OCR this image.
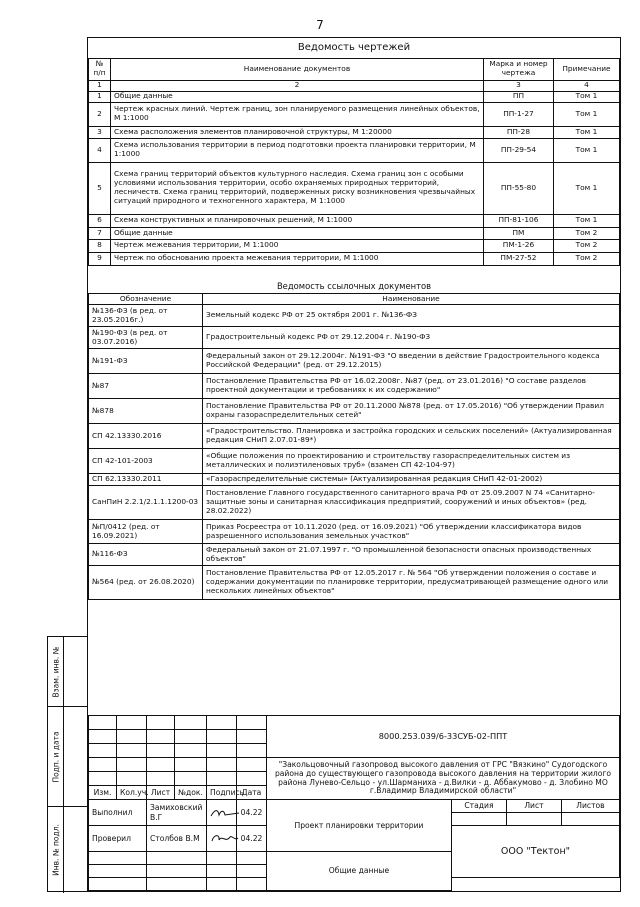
7
Взам. инв. №
Подп. и дата
Инв. № подл.
Ведомость чертежей			
№ п/п	Наименование документов	Марка и номер чертежа	Примечание
1	2	3	4
1	Общие данные	ПП	Том 1
2	Чертеж красных линий. Чертеж границ, зон планируемого размещения линейных объектов, М 1:1000	ПП-1-27	Том 1
3	Схема расположения элементов планировочной структуры, М 1:20000	ПП-28	Том 1
4	Схема использования территории в период подготовки проекта планировки территории, М 1:1000	ПП-29-54	Том 1
5	Схема границ территорий объектов культурного наследия. Схема границ зон с особыми условиями использования территории, особо охраняемых природных территорий, лесничеств. Схема границ территорий, подверженных риску возникновения чрезвычайных ситуаций природного и техногенного характера, М 1:1000	ПП-55-80	Том 1
6	Схема конструктивных и планировочных решений, М 1:1000	ПП-81-106	Том 1
7	Общие данные	ПМ	Том 2
8	Чертеж межевания территории, М 1:1000	ПМ-1-26	Том 2
9	Чертеж по обоснованию проекта межевания территории, М 1:1000	ПМ-27-52	Том 2
Ведомость ссылочных документов	
Обозначение	Наименование
№136-ФЗ (в ред. от 23.05.2016г.)	Земельный кодекс РФ от 25 октября 2001 г. №136-ФЗ
№190-ФЗ (в ред. от 03.07.2016)	Градостроительный кодекс РФ от 29.12.2004 г. №190-ФЗ
№191-ФЗ	Федеральный закон от 29.12.2004г. №191-ФЗ "О введении в действие Градостроительного кодекса Российской Федерации" (ред. от 29.12.2015)
№87	Постановление Правительства РФ от 16.02.2008г. №87 (ред. от 23.01.2016) "О составе разделов проектной документации и требованиях к их содержанию"
№878	Постановление Правительства РФ от 20.11.2000 №878 (ред. от 17.05.2016) "Об утверждении Правил охраны газораспределительных сетей"
СП 42.13330.2016	«Градостроительство. Планировка и застройка городских и сельских поселений» (Актуализированная редакция СНиП 2.07.01-89*)
СП 42-101-2003	«Общие положения по проектированию и строительству газораспределительных систем из металлических и полиэтиленовых труб» (взамен СП 42-104-97)
СП 62.13330.2011	«Газораспределительные системы» (Актуализированная редакция СНиП 42-01-2002)
СанПиН 2.2.1/2.1.1.1200-03	Постановление Главного государственного санитарного врача РФ от 25.09.2007 N 74 «Санитарно-защитные зоны и санитарная классификация предприятий, сооружений и иных объектов» (ред. 28.02.2022)
№П/0412 (ред. от 16.09.2021)	Приказ Росреестра от 10.11.2020 (ред. от 16.09.2021) "Об утверждении классификатора видов разрешенного использования земельных участков"
№116-ФЗ	Федеральный закон от 21.07.1997 г. "О промышленной безопасности опасных производственных объектов"
№564 (ред. от 26.08.2020)	Постановление Правительства РФ от 12.05.2017 г. № 564 "Об утверждении положения о составе и содержании документации по планировке территории, предусматривающей размещение одного или нескольких линейных объектов"
						8000.253.039/6-33СУБ-02-ППТ			

						"Закольцовочный газопровод высокого давления от ГРС "Вязкино" Судогодского района до существующего газопровода высокого давления на территории жилого района Лунево-Сельцо - ул.Шарманиха - д.Вилки - д. Аббакумово - д. Злобино МО г.Владимир Владимирской области"			

Изм.	Кол.уч.	Лист	№док.	Подпись	Дата				
Выполнил		Замиховский В.Г			04.22	Проект планировки территории	Стадия	Лист	Листов

Проверил		Столбов В.М			04.22		ООО "Тектон"		

						Общие данные			
